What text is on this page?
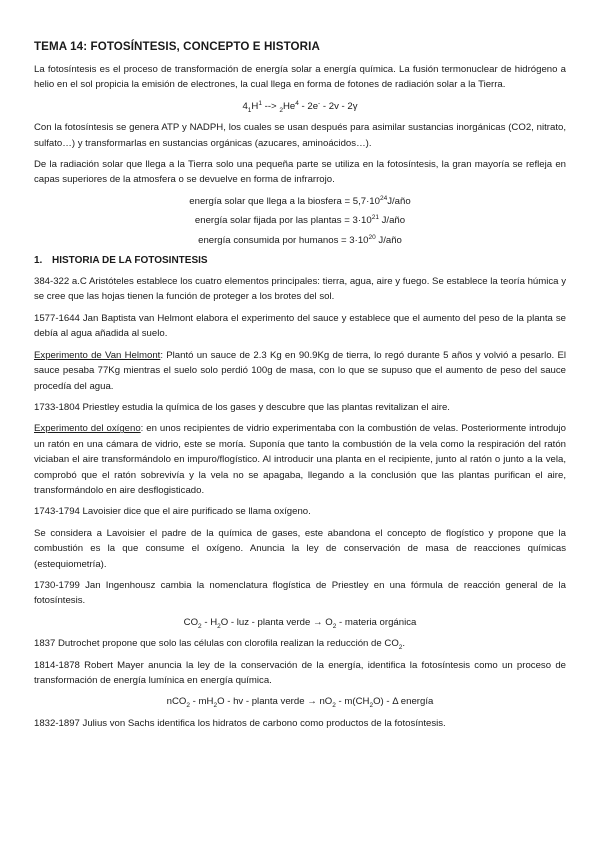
TEMA 14: FOTOSÍNTESIS, CONCEPTO E HISTORIA

La fotosíntesis es el proceso de transformación de energía solar a energía química. La fusión termonuclear de hidrógeno a helio en el sol propicia la emisión de electrones, la cual llega en forma de fotones de radiación solar a la Tierra.

$4_1H^1$ --> $_2He^4 - 2e^- - 2v - 2\gamma$

Con la fotosíntesis se genera ATP y NADPH, los cuales se usan después para asimilar sustancias inorgánicas (CO2, nitrato, sulfato…) y transformarlas en sustancias orgánicas (azucares, aminoácidos…).

De la radiación solar que llega a la Tierra solo una pequeña parte se utiliza en la fotosíntesis, la gran mayoría se refleja en capas superiores de la atmosfera o se devuelve en forma de infrarrojo.

energía solar que llega a la biosfera = $5,7\cdot 10^{24}J$/año
energía solar fijada por las plantas = $3\cdot 10^{21}$ J/año
energía consumida por humanos = $3\cdot 10^{20}$ J/año
1. HISTORIA DE LA FOTOSINTESIS

384-322 a.C Aristóteles establece los cuatro elementos principales: tierra, agua, aire y fuego. Se establece la teoría húmica y se cree que las hojas tienen la función de proteger a los brotes del sol.

1577-1644 Jan Baptista van Helmont elabora el experimento del sauce y establece que el aumento del peso de la planta se debía al agua añadida al suelo.

Experimento de Van Helmont: Plantó un sauce de 2.3 Kg en 90.9Kg de tierra, lo regó durante 5 años y volvió a pesarlo. El sauce pesaba 77Kg mientras el suelo solo perdió 100g de masa, con lo que se supuso que el aumento de peso del sauce procedía del agua.

1733-1804 Priestley estudia la química de los gases y descubre que las plantas revitalizan el aire.

Experimento del oxígeno: en unos recipientes de vidrio experimentaba con la combustión de velas. Posteriormente introdujo un ratón en una cámara de vidrio, este se moría. Suponía que tanto la combustión de la vela como la respiración del ratón viciaban el aire transformándolo en impuro/flogístico. Al introducir una planta en el recipiente, junto al ratón o junto a la vela, comprobó que el ratón sobrevivía y la vela no se apagaba, llegando a la conclusión que las plantas purifican el aire, transformándolo en aire desflogisticado.

1743-1794 Lavoisier dice que el aire purificado se llama oxígeno.

Se considera a Lavoisier el padre de la química de gases, este abandona el concepto de flogístico y propone que la combustión es la que consume el oxígeno. Anuncia la ley de conservación de masa de reacciones químicas (estequiometría).

1730-1799 Jan Ingenhousz cambia la nomenclatura flogística de Priestley en una fórmula de reacción general de la fotosíntesis.

$CO_2 - H_2O$ - luz - planta verde → $O_2$ - materia orgánica

1837 Dutrochet propone que solo las células con clorofila realizan la reducción de $CO_2$.

1814-1878 Robert Mayer anuncia la ley de la conservación de la energía, identifica la fotosíntesis como un proceso de transformación de energía lumínica en energía química.

$nCO_2 - mH_2O$ - hv - planta verde → $nO_2 - m(CH_2O)$ - Δ energía

1832-1897 Julius von Sachs identifica los hidratos de carbono como productos de la fotosíntesis.
